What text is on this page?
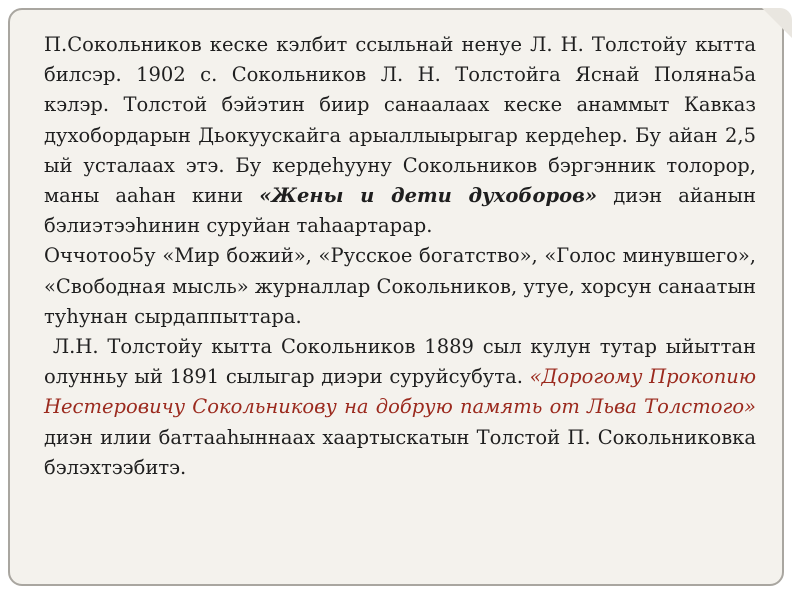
П.Сокольников кеске кэлбит ссыльнай ненуе Л. Н. Толстойу кытта билсэр. 1902 с. Сокольников Л. Н. Толстойга Яснай Поляна5а кэлэр. Толстой бэйэтин биир санаалаах кеске анаммыт Кавказ духобордарын Дьокуускайга арыаллыырыгар кердеһер. Бу айан 2,5 ый усталаах этэ. Бу кердеһууну Сокольников бэргэнник толорор, маны ааһан кини «Жены и дети духоборов» диэн айанын бэлиэтээһинин суруйан таһаартарар.

Оччотоо5у «Мир божий», «Русское богатство», «Голос минувшего», «Свободная мысль» журналлар Сокольников, утуе, хорсун санаатын туһунан сырдаппыттара.

Л.Н. Толстойу кытта Сокольников 1889 сыл кулун тутар ыйыттан олунньу ый 1891 сылыгар диэри суруйсубута. «Дорогому Прокопию Нестеровичу Сокольникову на добрую память от Льва Толстого» диэн илии баттааһыннаах хаартыскатын Толстой П. Сокольниковка бэлэхтээбитэ.
